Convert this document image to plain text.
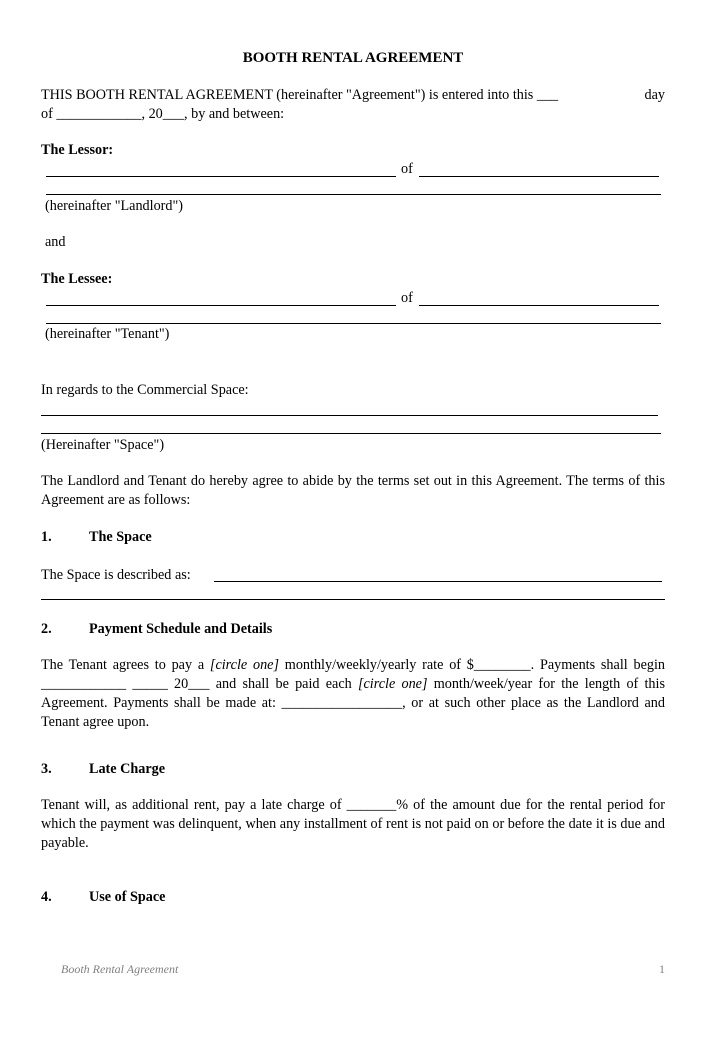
BOOTH RENTAL AGREEMENT
THIS BOOTH RENTAL AGREEMENT (hereinafter "Agreement") is entered into this ___	day
of ____________, 20___, by and between:
The Lessor:
of
(hereinafter "Landlord")
and
The Lessee:
of
(hereinafter "Tenant")
In regards to the Commercial Space:
(Hereinafter "Space")
The Landlord and Tenant do hereby agree to abide by the terms set out in this Agreement. The terms of this Agreement are as follows:
1.	The Space
The Space is described as:
2.	Payment Schedule and Details
The Tenant agrees to pay a [circle one] monthly/weekly/yearly rate of $________. Payments shall begin ____________ _____ 20___ and shall be paid each [circle one] month/week/year for the length of this Agreement. Payments shall be made at: _________________, or at such other place as the Landlord and Tenant agree upon.
3.	Late Charge
Tenant will, as additional rent, pay a late charge of _______% of the amount due for the rental period for which the payment was delinquent, when any installment of rent is not paid on or before the date it is due and payable.
4.	Use of Space
Booth Rental Agreement	1
